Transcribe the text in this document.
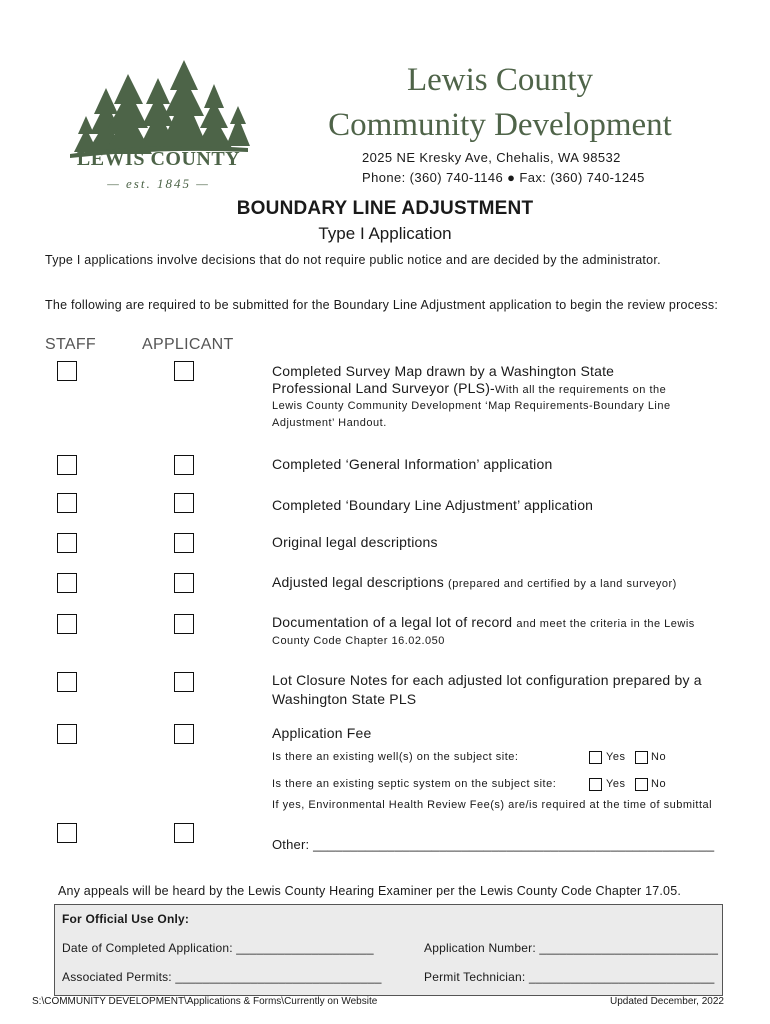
LEWIS COUNTY
— est. 1845 —
Lewis County
Community Development
2025 NE Kresky Ave, Chehalis, WA 98532
Phone: (360) 740-1146 ● Fax: (360) 740-1245
BOUNDARY LINE ADJUSTMENT
Type I Application
Type I applications involve decisions that do not require public notice and are decided by the administrator.
The following are required to be submitted for the Boundary Line Adjustment application to begin the review process:
STAFF	APPLICANT
Completed Survey Map drawn by a Washington State
Professional Land Surveyor (PLS)-With all the requirements on the
Lewis County Community Development ‘Map Requirements-Boundary Line
Adjustment’ Handout.
Completed ‘General Information’ application
Completed ‘Boundary Line Adjustment’ application
Original legal descriptions
Adjusted legal descriptions (prepared and certified by a land surveyor)
Documentation of a legal lot of record and meet the criteria in the Lewis
County Code Chapter 16.02.050
Lot Closure Notes for each adjusted lot configuration prepared by a
Washington State PLS
Application Fee
Is there an existing well(s) on the subject site:	Yes No
Is there an existing septic system on the subject site:	Yes No
If yes, Environmental Health Review Fee(s) are/is required at the time of submittal
Other: ______________________________________________________
Any appeals will be heard by the Lewis County Hearing Examiner per the Lewis County Code Chapter 17.05.
For Official Use Only:
Date of Completed Application: ____________________	Application Number: __________________________
Associated Permits: ______________________________	Permit Technician: ___________________________
S:\COMMUNITY DEVELOPMENT\Applications & Forms\Currently on Website	Updated December, 2022
